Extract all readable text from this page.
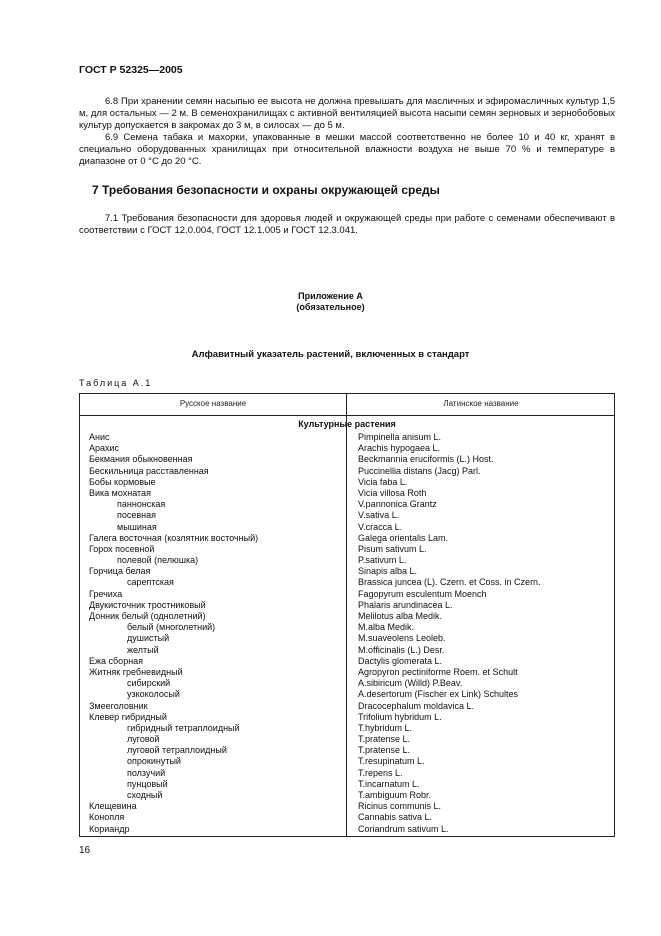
ГОСТ Р 52325—2005

6.8 При хранении семян насыпью ее высота не должна превышать для масличных и эфиромасличных культур 1,5 м, для остальных — 2 м. В семенохранилищах с активной вентиляцией высота насыпи семян зерновых и зернобобовых культур допускается в закромах до 3 м, в силосах — до 5 м.

6.9 Семена табака и махорки, упакованные в мешки массой соответственно не более 10 и 40 кг, хранят в специально оборудованных хранилищах при относительной влажности воздуха не выше 70 % и температуре в диапазоне от 0 °С до 20 °С.

7 Требования безопасности и охраны окружающей среды

7.1 Требования безопасности для здоровья людей и окружающей среды при работе с семенами обеспечивают в соответствии с ГОСТ 12.0.004, ГОСТ 12.1.005 и ГОСТ 12.3.041.

Приложение А
(обязательное)
Алфавитный указатель растений, включенных в стандарт
Таблица А.1
Русское название	Латинское название
Культурные растения
Анис	Pimpinella anisum L.
Арахис	Arachis hypogaea L.
Бекмания обыкновенная	Beckmannia eruciformis (L.) Host.
Бескильница расставленная	Puccinellia distans (Jacg) Parl.
Бобы кормовые	Vicia faba L.
Вика мохнатая	Vicia villosa Roth
паннонская	V.pannonica Grantz
посевная	V.sativa L.
мышиная	V.cracca L.
Галега восточная (козлятник восточный)	Galega orientalis Lam.
Горох посевной	Pisum sativum L.
полевой (пелюшка)	P.sativum L.
Горчица белая	Sinapis alba L.
сарептская	Brassica juncea (L). Czern. et Coss. in Czern.
Гречиха	Fagopyrum esculentum Moench
Двукисточник тростниковый	Phalaris arundinacea L.
Донник белый (однолетний)	Melilotus alba Medik.
белый (многолетний)	M.alba Medik.
душистый	M.suaveolens Leoleb.
желтый	M.officinalis (L.) Desr.
Ежа сборная	Dactylis glomerata L.
Житняк гребневидный	Agropyron pectiniforme Roem. et Schult
сибирский	A.sibiricum (Willd) P.Beav.
узкоколосый	A.desertorum (Fischer ex Link) Schultes
Змееголовник	Dracocephalum moldavica L.
Клевер гибридный	Trifolium hybridum L.
гибридный тетраплоидный	T.hybridum L.
луговой	T.pratense L.
луговой тетраплоидный	T.pratense L.
опрокинутый	T.resupinatum L.
ползучий	T.repens L.
пунцовый	T.incarnatum L.
сходный	T.ambiguum Robr.
Клещевина	Ricinus communis L.
Конопля	Cannabis sativa L.
Кориандр	Coriandrum sativum L.
16
